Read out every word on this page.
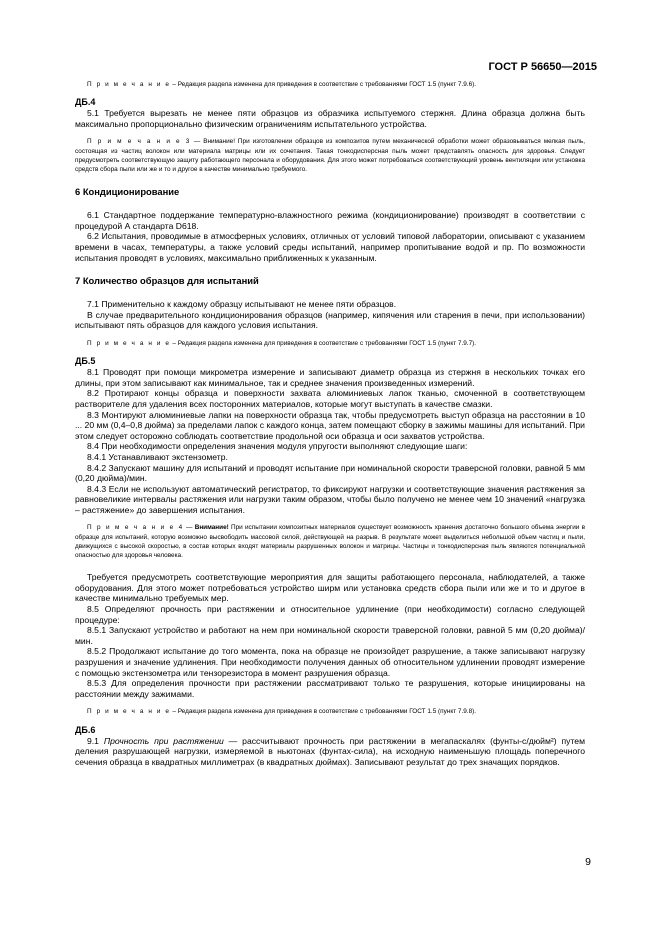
ГОСТ Р 56650—2015
П р и м е ч а н и е – Редакция раздела изменена для приведения в соответствие с требованиями ГОСТ 1.5 (пункт 7.9.6).
ДБ.4

5.1 Требуется вырезать не менее пяти образцов из образчика испытуемого стержня. Длина образца должна быть максимально пропорционально физическим ограничениям испытательного устройства.

П р и м е ч а н и е 3 — Внимание! При изготовлении образцов из композитов путем механической обработки может образовываться мелкая пыль, состоящая из частиц волокон или материала матрицы или их сочетания. Такая тонкодисперсная пыль может представлять опасность для здоровья. Следует предусмотреть соответствующую защиту работающего персонала и оборудования. Для этого может потребоваться соответствующий уровень вентиляции или установка средств сбора пыли или же и то и другое в качестве минимально требуемого.
6 Кондиционирование

6.1 Стандартное поддержание температурно-влажностного режима (кондиционирование) производят в соответствии с процедурой А стандарта D618.

6.2 Испытания, проводимые в атмосферных условиях, отличных от условий типовой лаборатории, описывают с указанием времени в часах, температуры, а также условий среды испытаний, например пропитывание водой и пр. По возможности испытания проводят в условиях, максимально приближенных к указанным.

7 Количество образцов для испытаний

7.1 Применительно к каждому образцу испытывают не менее пяти образцов.

В случае предварительного кондиционирования образцов (например, кипячения или старения в печи, при использовании) испытывают пять образцов для каждого условия испытания.

П р и м е ч а н и е – Редакция раздела изменена для приведения в соответствие с требованиями ГОСТ 1.5 (пункт 7.9.7).
ДБ.5

8.1 Проводят при помощи микрометра измерение и записывают диаметр образца из стержня в нескольких точках его длины, при этом записывают как минимальное, так и среднее значения произведенных измерений.

8.2 Протирают концы образца и поверхности захвата алюминиевых лапок тканью, смоченной в соответствующем растворителе для удаления всех посторонних материалов, которые могут выступать в качестве смазки.

8.3 Монтируют алюминиевые лапки на поверхности образца так, чтобы предусмотреть выступ образца на расстоянии в 10 ... 20 мм (0,4–0,8 дюйма) за пределами лапок с каждого конца, затем помещают сборку в зажимы машины для испытаний. При этом следует осторожно соблюдать соответствие продольной оси образца и оси захватов устройства.

8.4 При необходимости определения значения модуля упругости выполняют следующие шаги:

8.4.1 Устанавливают экстензометр.

8.4.2 Запускают машину для испытаний и проводят испытание при номинальной скорости траверсной головки, равной 5 мм (0,20 дюйма)/мин.

8.4.3 Если не используют автоматический регистратор, то фиксируют нагрузки и соответствующие значения растяжения за равновеликие интервалы растяжения или нагрузки таким образом, чтобы было получено не менее чем 10 значений «нагрузка – растяжение» до завершения испытания.

П р и м е ч а н и е 4 — Внимание! При испытании композитных материалов существует возможность хранения достаточно большого объема энергии в образце для испытаний, которую возможно высвободить массовой силой, действующей на разрыв. В результате может выделиться небольшой объем частиц и пыли, движущихся с высокой скоростью, в состав которых входят материалы разрушенных волокон и матрицы. Частицы и тонкодисперсная пыль являются потенциальной опасностью для здоровья человека.

Требуется предусмотреть соответствующие мероприятия для защиты работающего персонала, наблюдателей, а также оборудования. Для этого может потребоваться устройство ширм или установка средств сбора пыли или же и то и другое в качестве минимально требуемых мер.

8.5 Определяют прочность при растяжении и относительное удлинение (при необходимости) согласно следующей процедуре:

8.5.1 Запускают устройство и работают на нем при номинальной скорости траверсной головки, равной 5 мм (0,20 дюйма)/мин.

8.5.2 Продолжают испытание до того момента, пока на образце не произойдет разрушение, а также записывают нагрузку разрушения и значение удлинения. При необходимости получения данных об относительном удлинении проводят измерение с помощью экстензометра или тензорезистора в момент разрушения образца.

8.5.3 Для определения прочности при растяжении рассматривают только те разрушения, которые инициированы на расстоянии между зажимами.

П р и м е ч а н и е – Редакция раздела изменена для приведения в соответствие с требованиями ГОСТ 1.5 (пункт 7.9.8).
ДБ.6

9.1 Прочность при растяжении — рассчитывают прочность при растяжении в мегапаскалях (фунты-с/дюйм²) путем деления разрушающей нагрузки, измеряемой в ньютонах (фунтах-сила), на исходную наименьшую площадь поперечного сечения образца в квадратных миллиметрах (в квадратных дюймах). Записывают результат до трех значащих порядков.

9
